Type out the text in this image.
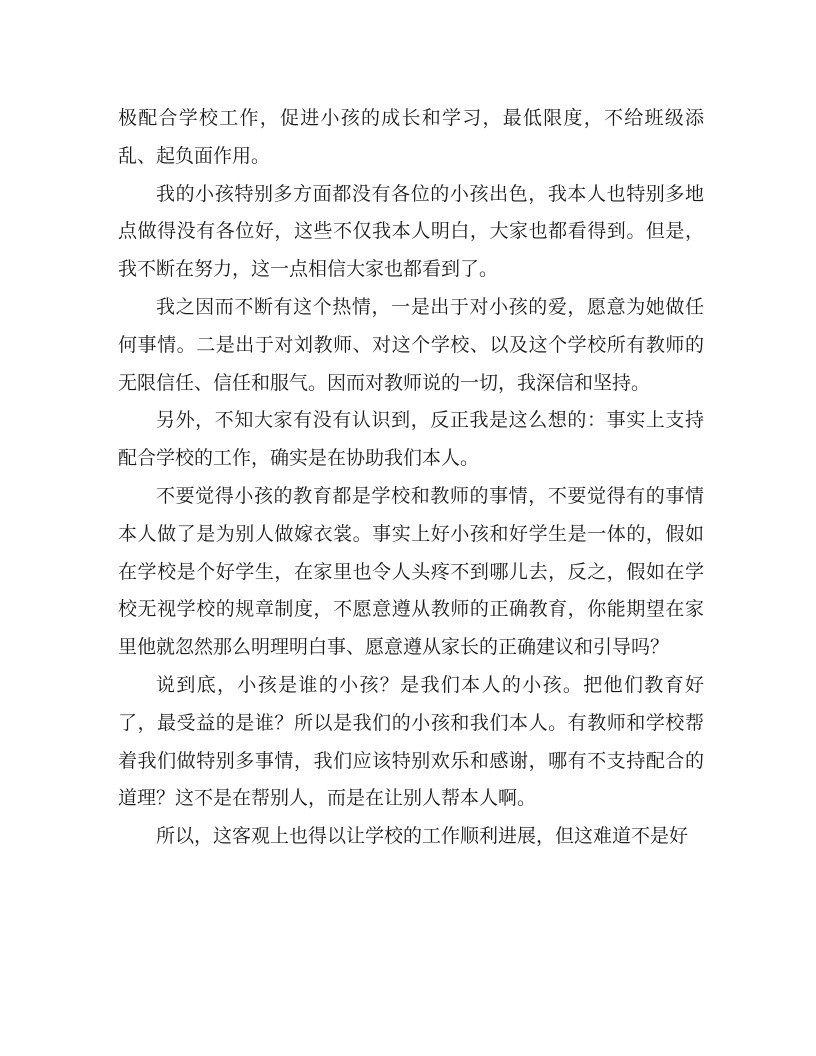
极配合学校工作，促进小孩的成长和学习，最低限度，不给班级添乱、起负面作用。

我的小孩特别多方面都没有各位的小孩出色，我本人也特别多地点做得没有各位好，这些不仅我本人明白，大家也都看得到。但是，我不断在努力，这一点相信大家也都看到了。

我之因而不断有这个热情，一是出于对小孩的爱，愿意为她做任何事情。二是出于对刘教师、对这个学校、以及这个学校所有教师的无限信任、信任和服气。因而对教师说的一切，我深信和坚持。

另外，不知大家有没有认识到，反正我是这么想的：事实上支持配合学校的工作，确实是在协助我们本人。

不要觉得小孩的教育都是学校和教师的事情，不要觉得有的事情本人做了是为别人做嫁衣裳。事实上好小孩和好学生是一体的，假如在学校是个好学生，在家里也令人头疼不到哪儿去，反之，假如在学校无视学校的规章制度，不愿意遵从教师的正确教育，你能期望在家里他就忽然那么明理明白事、愿意遵从家长的正确建议和引导吗？

说到底，小孩是谁的小孩？是我们本人的小孩。把他们教育好了，最受益的是谁？所以是我们的小孩和我们本人。有教师和学校帮着我们做特别多事情，我们应该特别欢乐和感谢，哪有不支持配合的道理？这不是在帮别人，而是在让别人帮本人啊。

所以，这客观上也得以让学校的工作顺利进展，但这难道不是好
